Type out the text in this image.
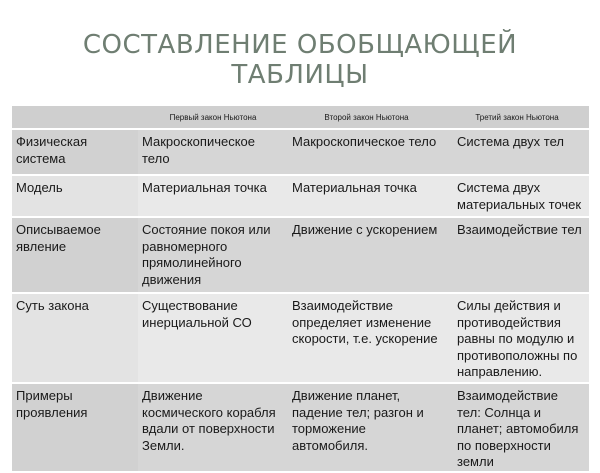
СОСТАВЛЕНИЕ ОБОБЩАЮЩЕЙ
ТАБЛИЦЫ
	Первый закон Ньютона	Второй закон Ньютона	Третий закон Ньютона
Физическая система	Макроскопическое тело	Макроскопическое тело	Система двух тел
Модель	Материальная точка	Материальная точка	Система двух материальных точек
Описываемое явление	Состояние покоя или равномерного прямолинейного движения	Движение с ускорением	Взаимодействие тел
Суть закона	Существование инерциальной СО	Взаимодействие определяет изменение скорости, т.е. ускорение	Силы действия и противодействия равны по модулю и противоположны по направлению.
Примеры проявления	Движение космического корабля вдали от поверхности Земли.	Движение планет, падение тел; разгон и торможение автомобиля.	Взаимодействие тел: Солнца и планет; автомобиля по поверхности земли
